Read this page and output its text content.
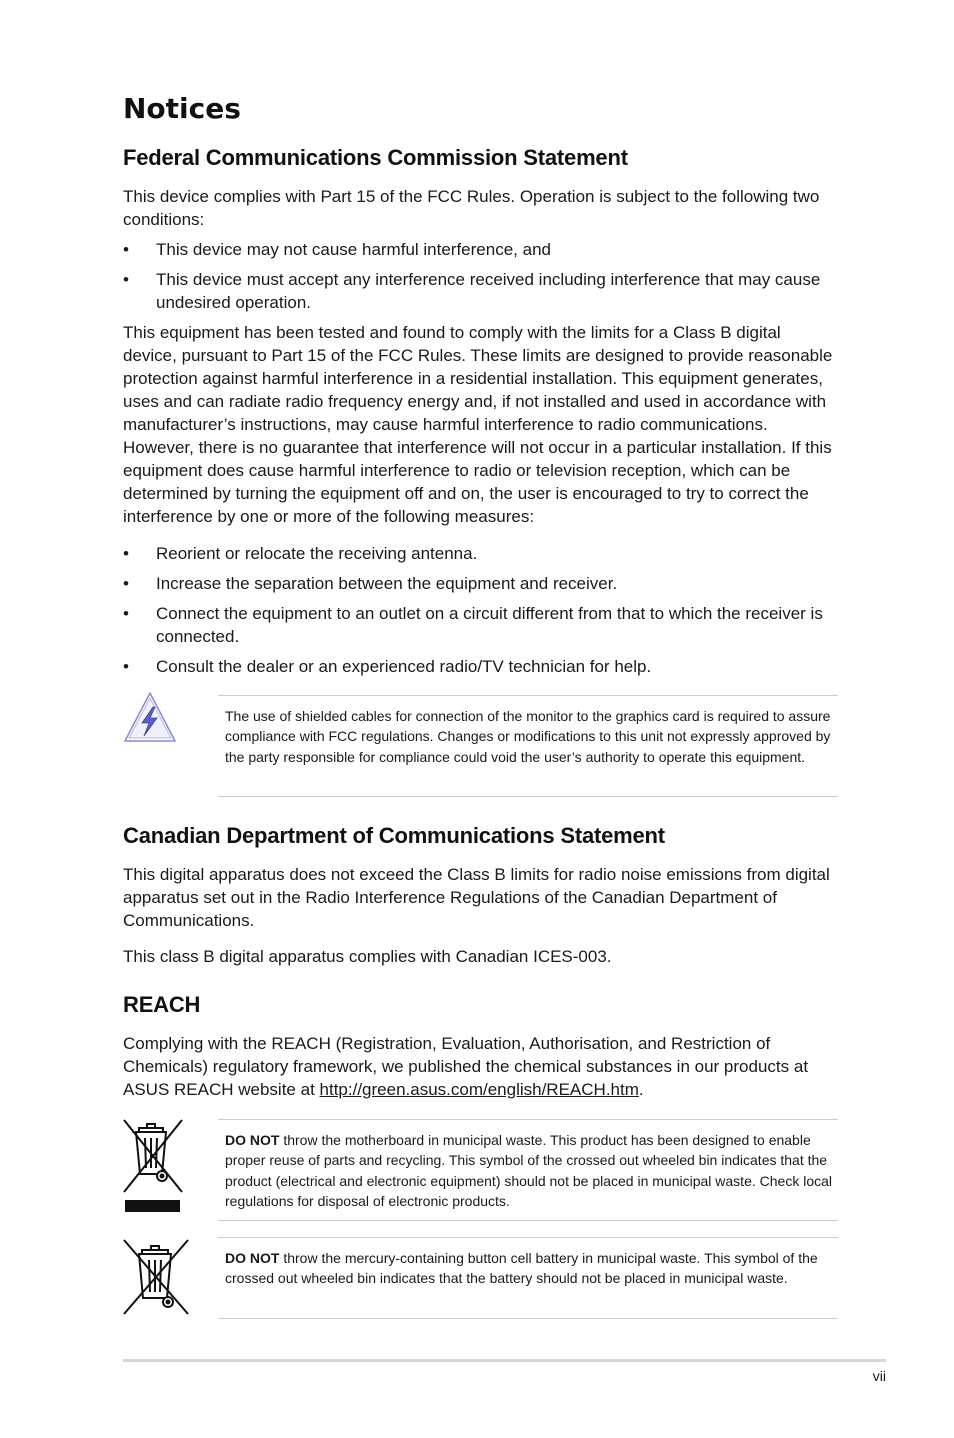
Notices
Federal Communications Commission Statement

This device complies with Part 15 of the FCC Rules. Operation is subject to the following two conditions:

•	This device may not cause harmful interference, and
•	This device must accept any interference received including interference that may cause undesired operation.

This equipment has been tested and found to comply with the limits for a Class B digital device, pursuant to Part 15 of the FCC Rules. These limits are designed to provide reasonable protection against harmful interference in a residential installation. This equipment generates, uses and can radiate radio frequency energy and, if not installed and used in accordance with manufacturer’s instructions, may cause harmful interference to radio communications. However, there is no guarantee that interference will not occur in a particular installation. If this equipment does cause harmful interference to radio or television reception, which can be determined by turning the equipment off and on, the user is encouraged to try to correct the interference by one or more of the following measures:

•	Reorient or relocate the receiving antenna.
•	Increase the separation between the equipment and receiver.
•	Connect the equipment to an outlet on a circuit different from that to which the receiver is connected.
•	Consult the dealer or an experienced radio/TV technician for help.

The use of shielded cables for connection of the monitor to the graphics card is required to assure compliance with FCC regulations. Changes or modifications to this unit not expressly approved by the party responsible for compliance could void the user’s authority to operate this equipment.

Canadian Department of Communications Statement

This digital apparatus does not exceed the Class B limits for radio noise emissions from digital apparatus set out in the Radio Interference Regulations of the Canadian Department of Communications.

This class B digital apparatus complies with Canadian ICES-003.

REACH

Complying with the REACH (Registration, Evaluation, Authorisation, and Restriction of Chemicals) regulatory framework, we published the chemical substances in our products at ASUS REACH website at http://green.asus.com/english/REACH.htm.

DO NOT throw the motherboard in municipal waste. This product has been designed to enable proper reuse of parts and recycling. This symbol of the crossed out wheeled bin indicates that the product (electrical and electronic equipment) should not be placed in municipal waste. Check local regulations for disposal of electronic products.

DO NOT throw the mercury-containing button cell battery in municipal waste. This symbol of the crossed out wheeled bin indicates that the battery should not be placed in municipal waste.

vii
